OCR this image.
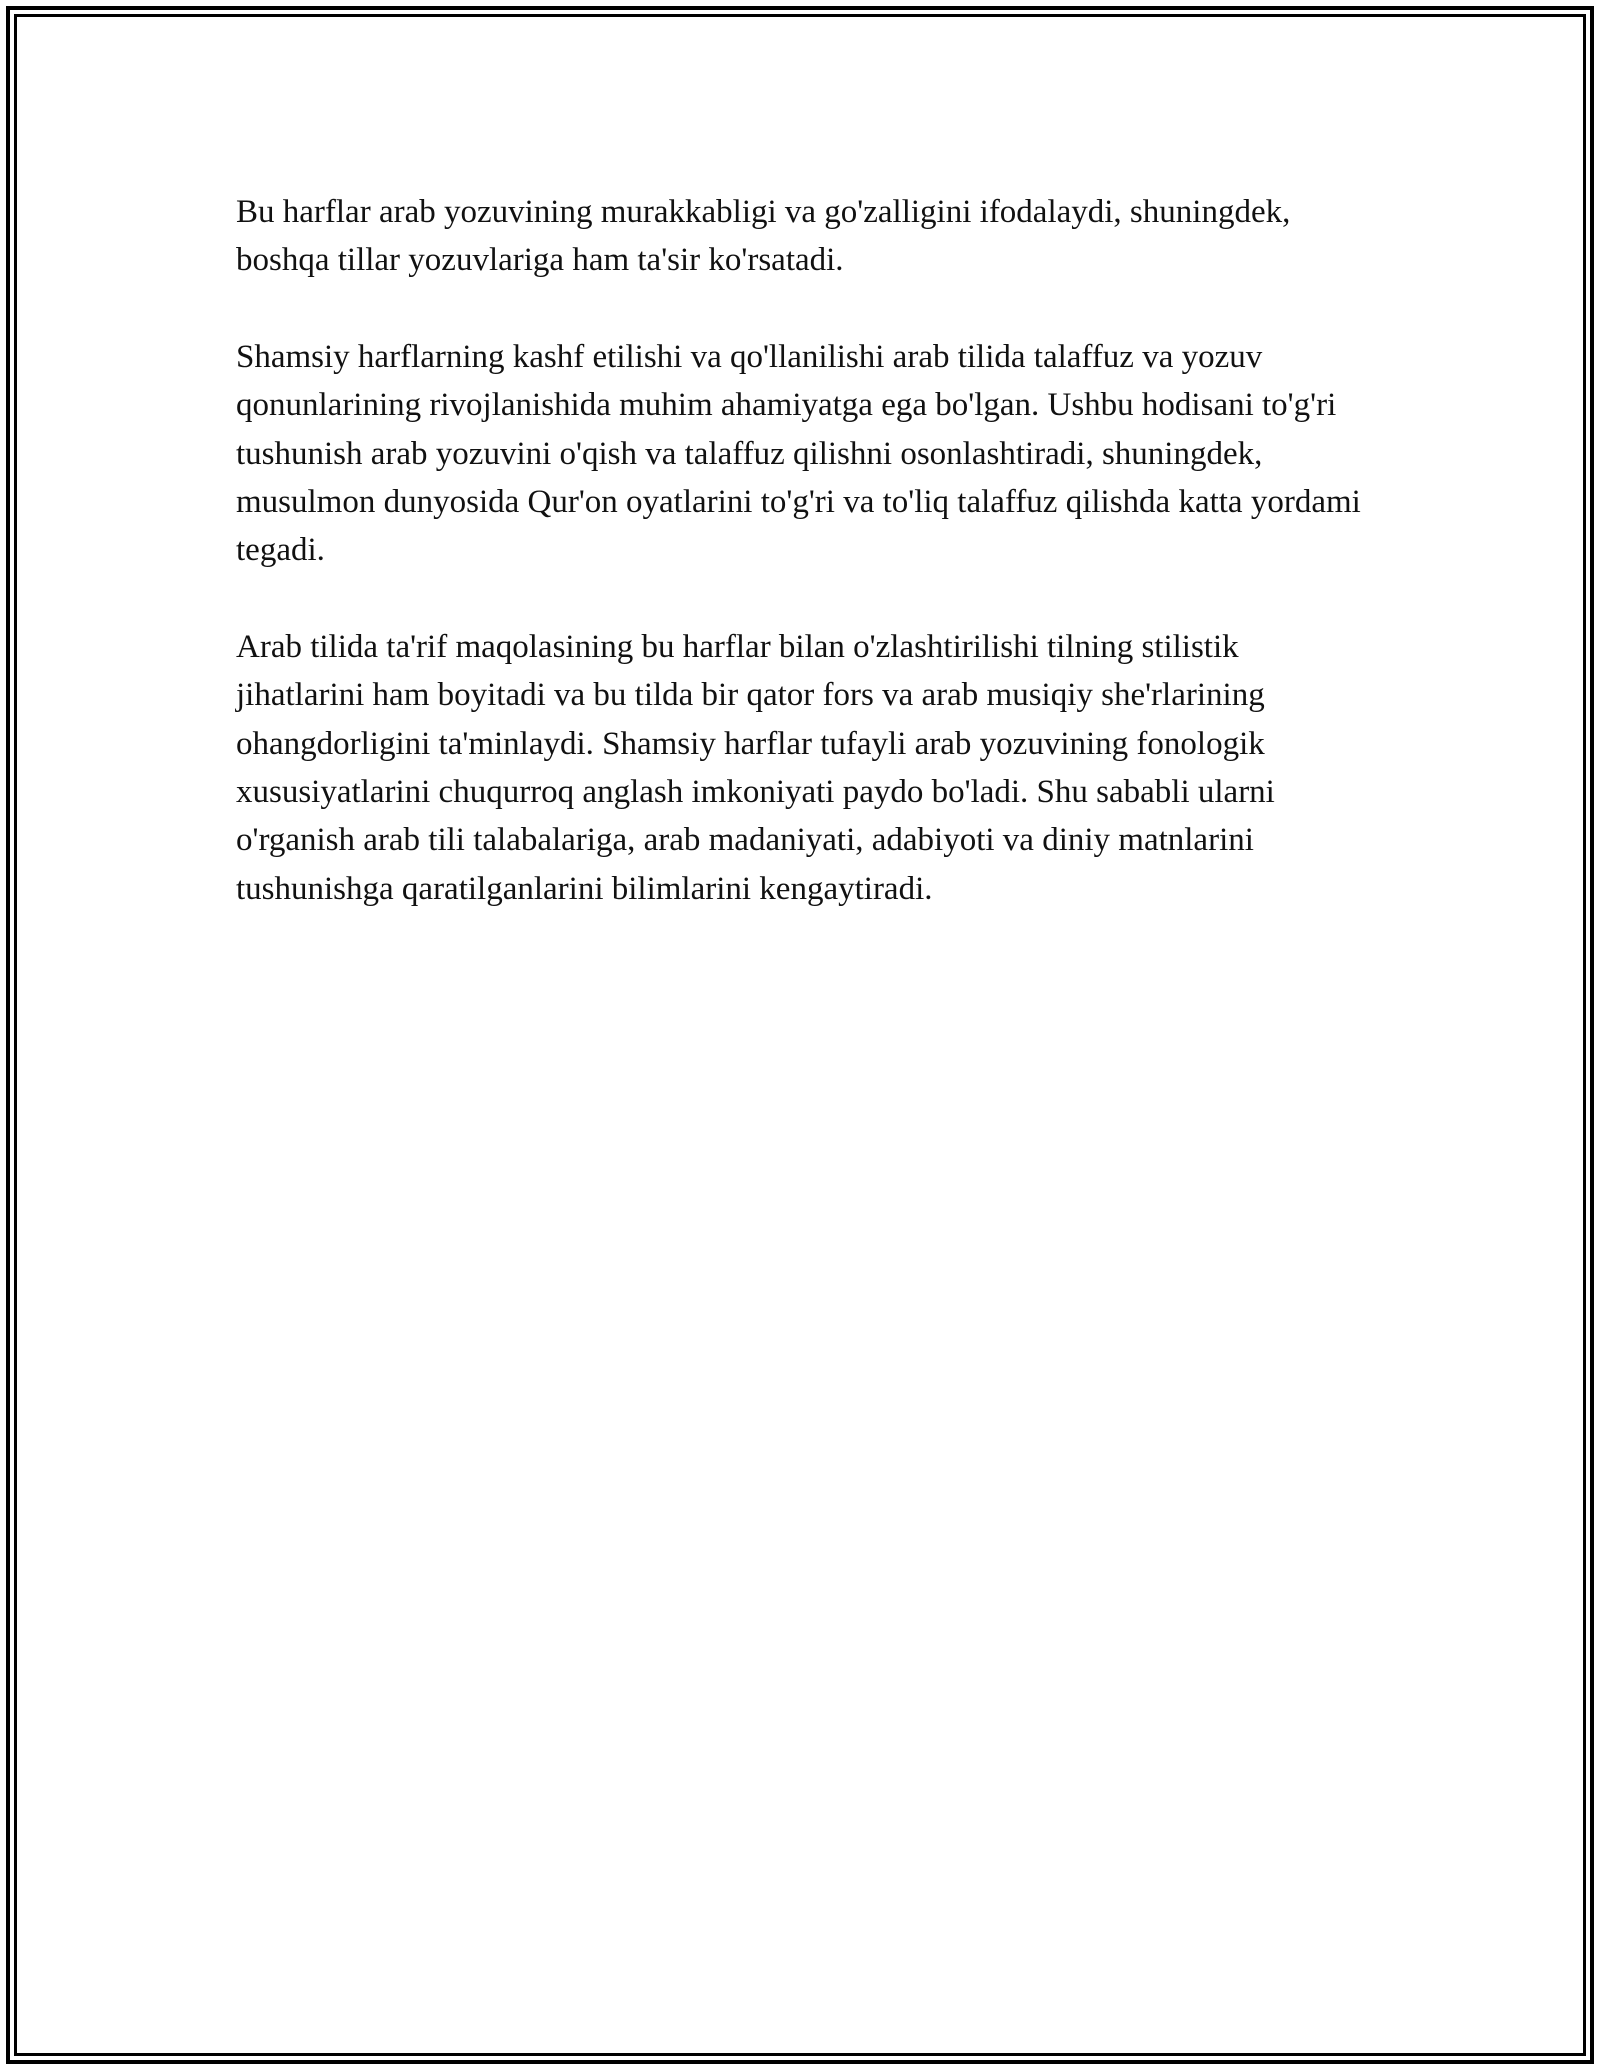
Bu harflar arab yozuvining murakkabligi va go'zalligini ifodalaydi, shuningdek, boshqa tillar yozuvlariga ham ta'sir ko'rsatadi.

Shamsiy harflarning kashf etilishi va qo'llanilishi arab tilida talaffuz va yozuv qonunlarining rivojlanishida muhim ahamiyatga ega bo'lgan. Ushbu hodisani to'g'ri tushunish arab yozuvini o'qish va talaffuz qilishni osonlashtiradi, shuningdek, musulmon dunyosida Qur'on oyatlarini to'g'ri va to'liq talaffuz qilishda katta yordami tegadi.

Arab tilida ta'rif maqolasining bu harflar bilan o'zlashtirilishi tilning stilistik jihatlarini ham boyitadi va bu tilda bir qator fors va arab musiqiy she'rlarining ohangdorligini ta'minlaydi. Shamsiy harflar tufayli arab yozuvining fonologik xususiyatlarini chuqurroq anglash imkoniyati paydo bo'ladi. Shu sababli ularni o'rganish arab tili talabalariga, arab madaniyati, adabiyoti va diniy matnlarini tushunishga qaratilganlarini bilimlarini kengaytiradi.
